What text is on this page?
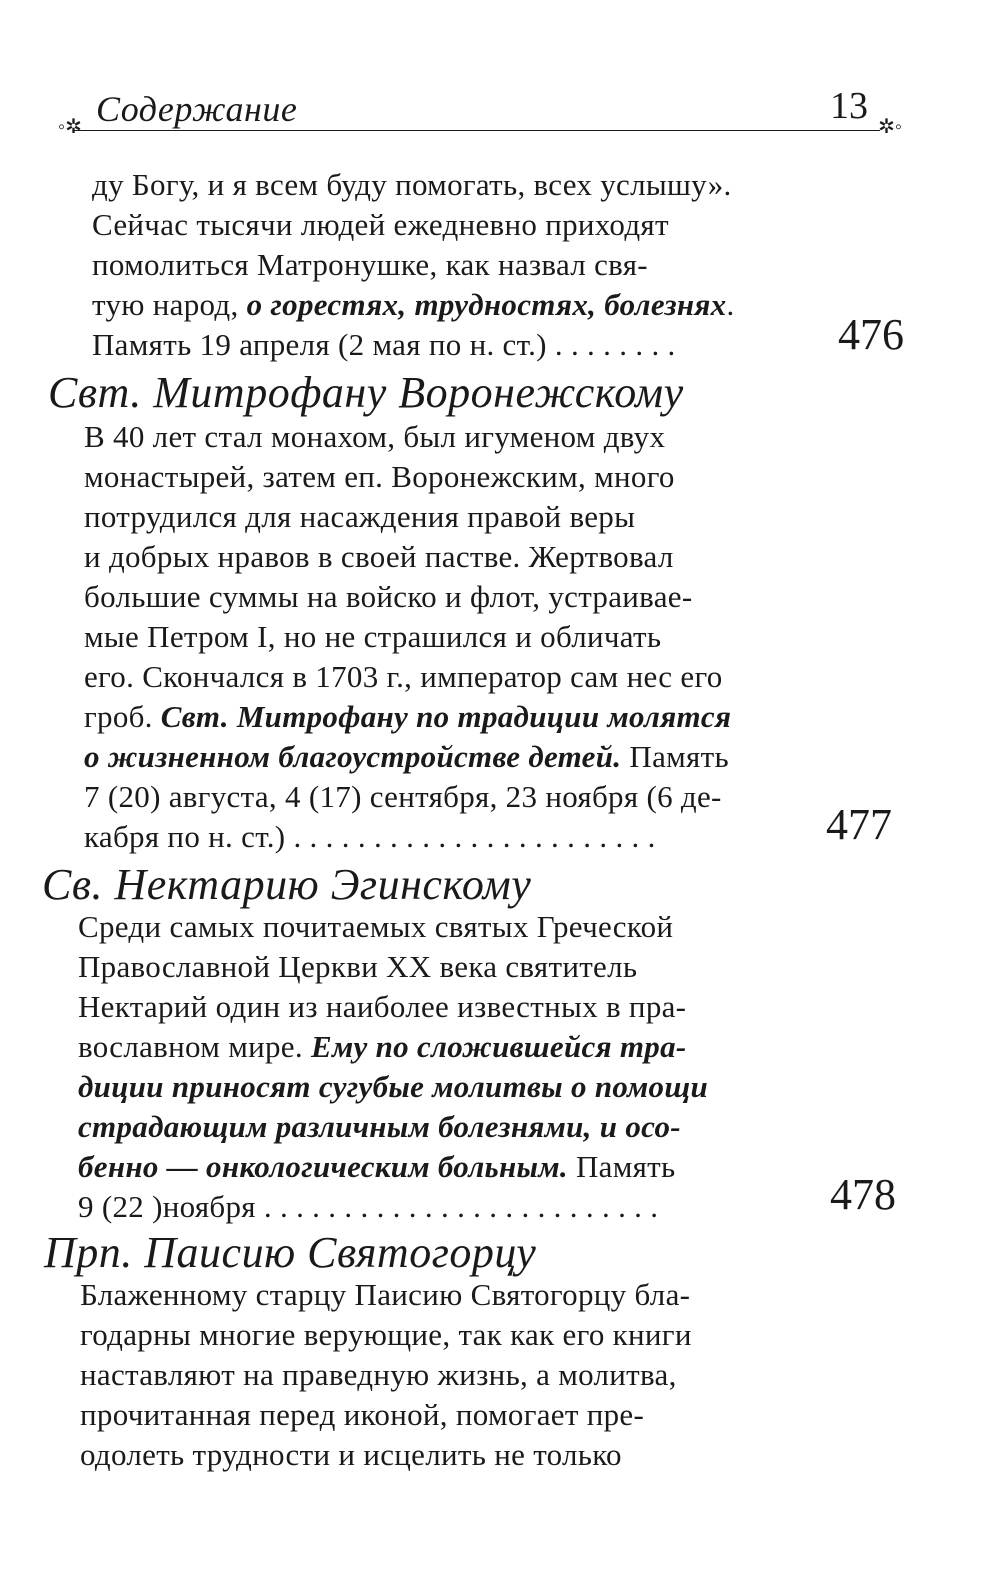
◦✲ Содержание	13 ✲◦
ду Богу, и я всем буду помогать, всех услышу».
Сейчас тысячи людей ежедневно приходят
помолиться Матронушке, как назвал свя-
тую народ, о горестях, трудностях, болезнях.
Память 19 апреля (2 мая по н. ст.) . . . . . . . .	476
Свт. Митрофану Воронежскому
В 40 лет стал монахом, был игуменом двух
монастырей, затем еп. Воронежским, много
потрудился для насаждения правой веры
и добрых нравов в своей пастве. Жертвовал
большие суммы на войско и флот, устраивае-
мые Петром I, но не страшился и обличать
его. Скончался в 1703 г., император сам нес его
гроб. Свт. Митрофану по традиции молятся
о жизненном благоустройстве детей. Память
7 (20) августа, 4 (17) сентября, 23 ноября (6 де-
кабря по н. ст.) . . . . . . . . . . . . . . . . . . . . . . .	477
Св. Нектарию Эгинскому
Среди самых почитаемых святых Греческой
Православной Церкви XX века святитель
Нектарий один из наиболее известных в пра-
вославном мире. Ему по сложившейся тра-
диции приносят сугубые молитвы о помощи
страдающим различным болезнями, и осо-
бенно — онкологическим больным. Память
9 (22 )ноября . . . . . . . . . . . . . . . . . . . . . . . . .	478
Прп. Паисию Святогорцу
Блаженному старцу Паисию Святогорцу бла-
годарны многие верующие, так как его книги
наставляют на праведную жизнь, а молитва,
прочитанная перед иконой, помогает пре-
одолеть трудности и исцелить не только
